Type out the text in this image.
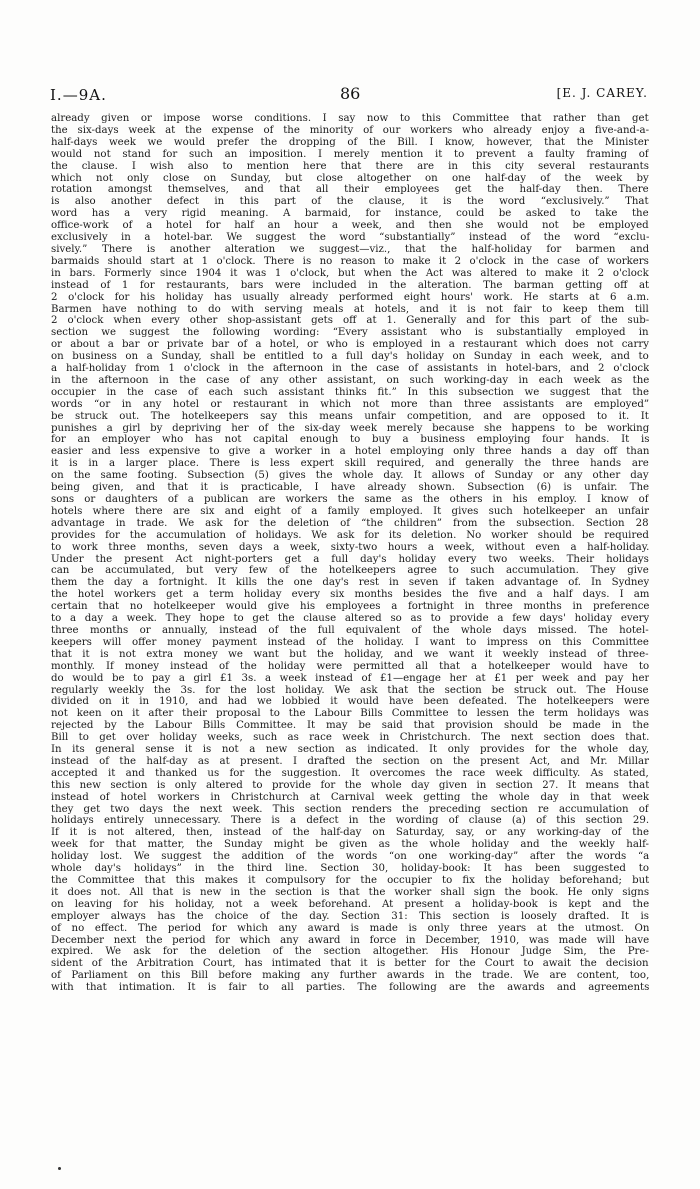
I.—9A.	86	[E. J. CAREY.
already given or impose worse conditions. I say now to this Committee that rather than get
the six-days week at the expense of the minority of our workers who already enjoy a five-and-a-
half-days week we would prefer the dropping of the Bill. I know, however, that the Minister
would not stand for such an imposition. I merely mention it to prevent a faulty framing of
the clause. I wish also to mention here that there are in this city several restaurants
which not only close on Sunday, but close altogether on one half-day of the week by
rotation amongst themselves, and that all their employees get the half-day then. There
is also another defect in this part of the clause, it is the word “exclusively.” That
word has a very rigid meaning. A barmaid, for instance, could be asked to take the
office-work of a hotel for half an hour a week, and then she would not be employed
exclusively in a hotel-bar. We suggest the word “substantially” instead of the word “exclu-
sively.” There is another alteration we suggest—viz., that the half-holiday for barmen and
barmaids should start at 1 o'clock. There is no reason to make it 2 o'clock in the case of workers
in bars. Formerly since 1904 it was 1 o'clock, but when the Act was altered to make it 2 o'clock
instead of 1 for restaurants, bars were included in the alteration. The barman getting off at
2 o'clock for his holiday has usually already performed eight hours' work. He starts at 6 a.m.
Barmen have nothing to do with serving meals at hotels, and it is not fair to keep them till
2 o'clock when every other shop-assistant gets off at 1. Generally and for this part of the sub-
section we suggest the following wording: “Every assistant who is substantially employed in
or about a bar or private bar of a hotel, or who is employed in a restaurant which does not carry
on business on a Sunday, shall be entitled to a full day's holiday on Sunday in each week, and to
a half-holiday from 1 o'clock in the afternoon in the case of assistants in hotel-bars, and 2 o'clock
in the afternoon in the case of any other assistant, on such working-day in each week as the
occupier in the case of each such assistant thinks fit.” In this subsection we suggest that the
words “or in any hotel or restaurant in which not more than three assistants are employed”
be struck out. The hotelkeepers say this means unfair competition, and are opposed to it. It
punishes a girl by depriving her of the six-day week merely because she happens to be working
for an employer who has not capital enough to buy a business employing four hands. It is
easier and less expensive to give a worker in a hotel employing only three hands a day off than
it is in a larger place. There is less expert skill required, and generally the three hands are
on the same footing. Subsection (5) gives the whole day. It allows of Sunday or any other day
being given, and that it is practicable, I have already shown. Subsection (6) is unfair. The
sons or daughters of a publican are workers the same as the others in his employ. I know of
hotels where there are six and eight of a family employed. It gives such hotelkeeper an unfair
advantage in trade. We ask for the deletion of “the children” from the subsection. Section 28
provides for the accumulation of holidays. We ask for its deletion. No worker should be required
to work three months, seven days a week, sixty-two hours a week, without even a half-holiday.
Under the present Act night-porters get a full day's holiday every two weeks. Their holidays
can be accumulated, but very few of the hotelkeepers agree to such accumulation. They give
them the day a fortnight. It kills the one day's rest in seven if taken advantage of. In Sydney
the hotel workers get a term holiday every six months besides the five and a half days. I am
certain that no hotelkeeper would give his employees a fortnight in three months in preference
to a day a week. They hope to get the clause altered so as to provide a few days' holiday every
three months or annually, instead of the full equivalent of the whole days missed. The hotel-
keepers will offer money payment instead of the holiday. I want to impress on this Committee
that it is not extra money we want but the holiday, and we want it weekly instead of three-
monthly. If money instead of the holiday were permitted all that a hotelkeeper would have to
do would be to pay a girl £1 3s. a week instead of £1—engage her at £1 per week and pay her
regularly weekly the 3s. for the lost holiday. We ask that the section be struck out. The House
divided on it in 1910, and had we lobbied it would have been defeated. The hotelkeepers were
not keen on it after their proposal to the Labour Bills Committee to lessen the term holidays was
rejected by the Labour Bills Committee. It may be said that provision should be made in the
Bill to get over holiday weeks, such as race week in Christchurch. The next section does that.
In its general sense it is not a new section as indicated. It only provides for the whole day,
instead of the half-day as at present. I drafted the section on the present Act, and Mr. Millar
accepted it and thanked us for the suggestion. It overcomes the race week difficulty. As stated,
this new section is only altered to provide for the whole day given in section 27. It means that
instead of hotel workers in Christchurch at Carnival week getting the whole day in that week
they get two days the next week. This section renders the preceding section re accumulation of
holidays entirely unnecessary. There is a defect in the wording of clause (a) of this section 29.
If it is not altered, then, instead of the half-day on Saturday, say, or any working-day of the
week for that matter, the Sunday might be given as the whole holiday and the weekly half-
holiday lost. We suggest the addition of the words “on one working-day” after the words “a
whole day's holidays” in the third line. Section 30, holiday-book: It has been suggested to
the Committee that this makes it compulsory for the occupier to fix the holiday beforehand; but
it does not. All that is new in the section is that the worker shall sign the book. He only signs
on leaving for his holiday, not a week beforehand. At present a holiday-book is kept and the
employer always has the choice of the day. Section 31: This section is loosely drafted. It is
of no effect. The period for which any award is made is only three years at the utmost. On
December next the period for which any award in force in December, 1910, was made will have
expired. We ask for the deletion of the section altogether. His Honour Judge Sim, the Pre-
sident of the Arbitration Court, has intimated that it is better for the Court to await the decision
of Parliament on this Bill before making any further awards in the trade. We are content, too,
with that intimation. It is fair to all parties. The following are the awards and agreements
